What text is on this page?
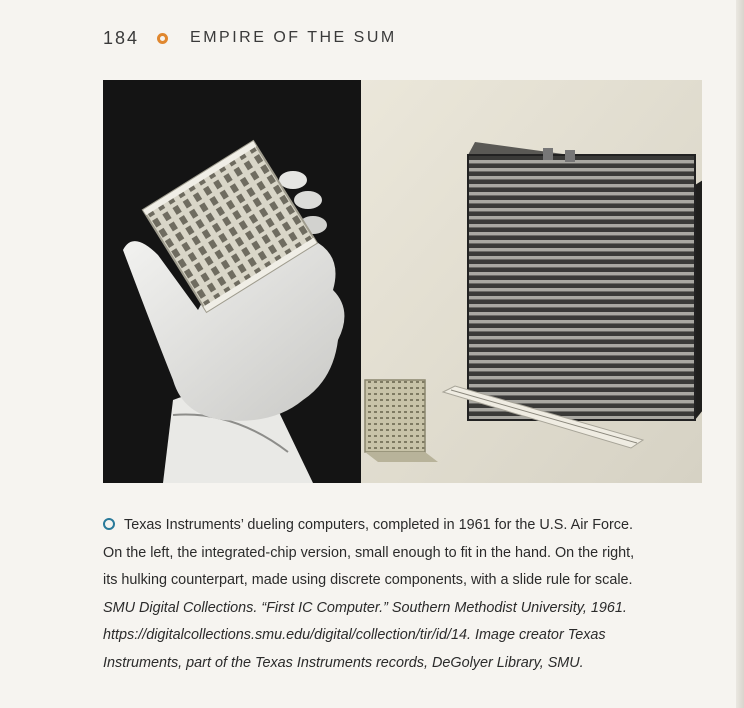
184	EMPIRE OF THE SUM
Texas Instruments’ dueling computers, completed in 1961 for the U.S. Air Force.
On the left, the integrated-chip version, small enough to fit in the hand. On the right,
its hulking counterpart, made using discrete components, with a slide rule for scale.
SMU Digital Collections. “First IC Computer.” Southern Methodist University, 1961.
https://digitalcollections.smu.edu/digital/collection/tir/id/14. Image creator Texas
Instruments, part of the Texas Instruments records, DeGolyer Library, SMU.
